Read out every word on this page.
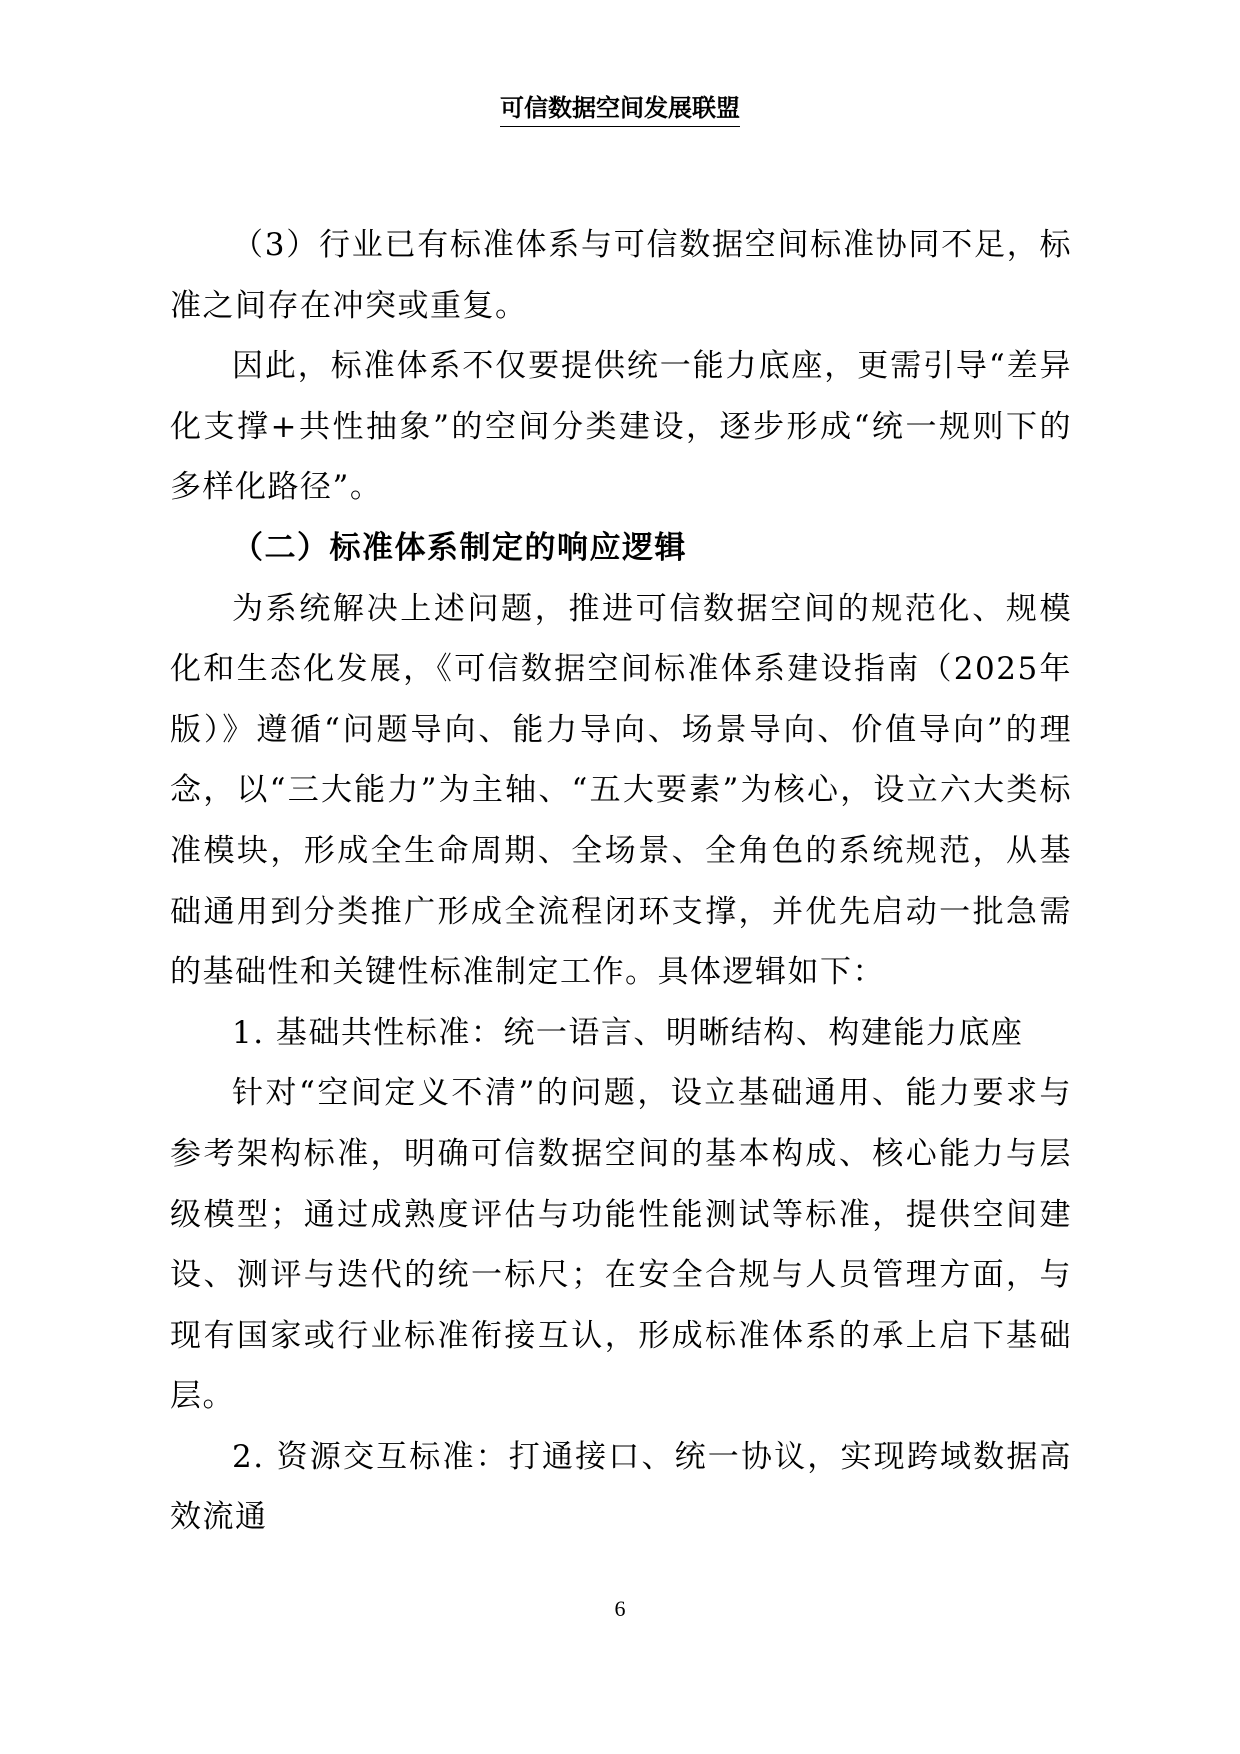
可信数据空间发展联盟

（3）行业已有标准体系与可信数据空间标准协同不足，标准之间存在冲突或重复。

因此，标准体系不仅要提供统一能力底座，更需引导“差异化支撑+共性抽象”的空间分类建设，逐步形成“统一规则下的多样化路径”。

（二）标准体系制定的响应逻辑

为系统解决上述问题，推进可信数据空间的规范化、规模化和生态化发展，《可信数据空间标准体系建设指南（2025年版）》遵循“问题导向、能力导向、场景导向、价值导向”的理念，以“三大能力”为主轴、“五大要素”为核心，设立六大类标准模块，形成全生命周期、全场景、全角色的系统规范，从基础通用到分类推广形成全流程闭环支撑，并优先启动一批急需的基础性和关键性标准制定工作。具体逻辑如下：

1. 基础共性标准：统一语言、明晰结构、构建能力底座

针对“空间定义不清”的问题，设立基础通用、能力要求与参考架构标准，明确可信数据空间的基本构成、核心能力与层级模型；通过成熟度评估与功能性能测试等标准，提供空间建设、测评与迭代的统一标尺；在安全合规与人员管理方面，与现有国家或行业标准衔接互认，形成标准体系的承上启下基础层。

2. 资源交互标准：打通接口、统一协议，实现跨域数据高效流通

6
